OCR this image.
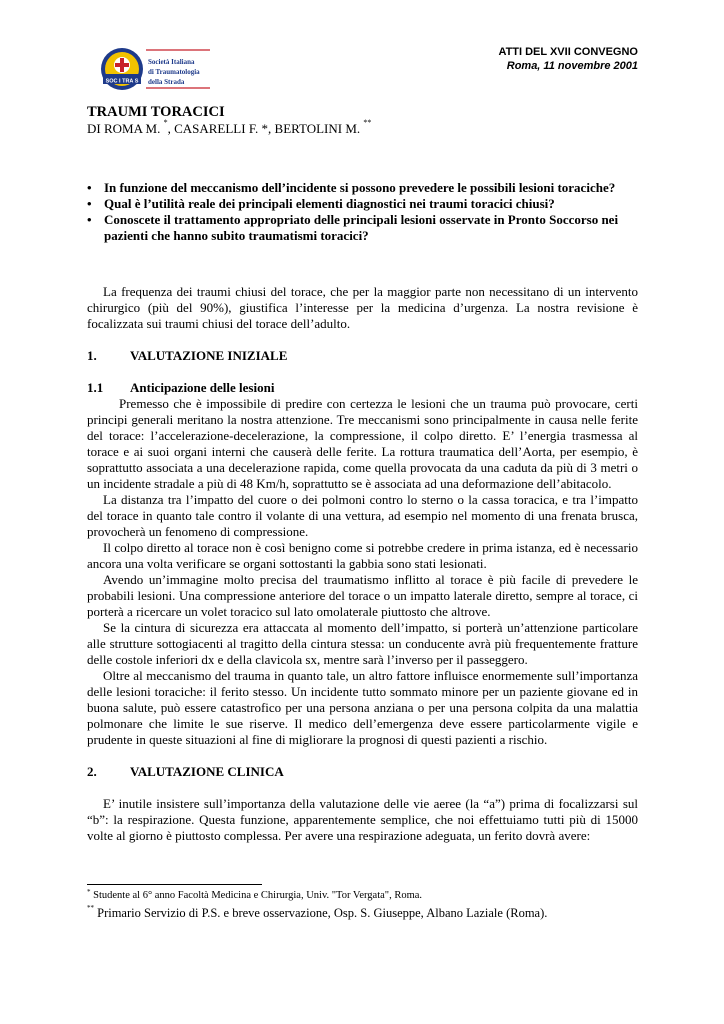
SOC I TRA S
Società Italiana
di Traumatologia
della Strada
ATTI DEL XVII CONVEGNO
Roma, 11 novembre 2001
TRAUMI TORACICI
DI ROMA M. *, CASARELLI F. *, BERTOLINI M. **
• In funzione del meccanismo dell’incidente si possono prevedere le possibili lesioni toraciche?
• Qual è l’utilità reale dei principali elementi diagnostici nei traumi toracici chiusi?
• Conoscete il trattamento appropriato delle principali lesioni osservate in Pronto Soccorso nei pazienti che hanno subito traumatismi toracici?

La frequenza dei traumi chiusi del torace, che per la maggior parte non necessitano di un intervento chirurgico (più del 90%), giustifica l’interesse per la medicina d’urgenza. La nostra revisione è focalizzata sui traumi chiusi del torace dell’adulto.

1.	VALUTAZIONE INIZIALE
1.1	Anticipazione delle lesioni

Premesso che è impossibile di predire con certezza le lesioni che un trauma può provocare, certi principi generali meritano la nostra attenzione. Tre meccanismi sono principalmente in causa nelle ferite del torace: l’accelerazione-decelerazione, la compressione, il colpo diretto. E’ l’energia trasmessa al torace e ai suoi organi interni che causerà delle ferite. La rottura traumatica dell’Aorta, per esempio, è soprattutto associata a una decelerazione rapida, come quella provocata da una caduta da più di 3 metri o un incidente stradale a più di 48 Km/h, soprattutto se è associata ad una deformazione dell’abitacolo.

La distanza tra l’impatto del cuore o dei polmoni contro lo sterno o la cassa toracica, e tra l’impatto del torace in quanto tale contro il volante di una vettura, ad esempio nel momento di una frenata brusca, provocherà un fenomeno di compressione.

Il colpo diretto al torace non è così benigno come si potrebbe credere in prima istanza, ed è necessario ancora una volta verificare se organi sottostanti la gabbia sono stati lesionati.

Avendo un’immagine molto precisa del traumatismo inflitto al torace è più facile di prevedere le probabili lesioni. Una compressione anteriore del torace o un impatto laterale diretto, sempre al torace, ci porterà a ricercare un volet toracico sul lato omolaterale piuttosto che altrove.

Se la cintura di sicurezza era attaccata al momento dell’impatto, si porterà un’attenzione particolare alle strutture sottogiacenti al tragitto della cintura stessa: un conducente avrà più frequentemente fratture delle costole inferiori dx e della clavicola sx, mentre sarà l’inverso per il passeggero.

Oltre al meccanismo del trauma in quanto tale, un altro fattore influisce enormemente sull’importanza delle lesioni toraciche: il ferito stesso. Un incidente tutto sommato minore per un paziente giovane ed in buona salute, può essere catastrofico per una persona anziana o per una persona colpita da una malattia polmonare che limite le sue riserve. Il medico dell’emergenza deve essere particolarmente vigile e prudente in queste situazioni al fine di migliorare la prognosi di questi pazienti a rischio.

2.	VALUTAZIONE CLINICA

E’ inutile insistere sull’importanza della valutazione delle vie aeree (la “a”) prima di focalizzarsi sul “b”: la respirazione. Questa funzione, apparentemente semplice, che noi effettuiamo tutti più di 15000 volte al giorno è piuttosto complessa. Per avere una respirazione adeguata, un ferito dovrà avere:

* Studente al 6° anno Facoltà Medicina e Chirurgia, Univ. "Tor Vergata", Roma.
** Primario Servizio di P.S. e breve osservazione, Osp. S. Giuseppe, Albano Laziale (Roma).
